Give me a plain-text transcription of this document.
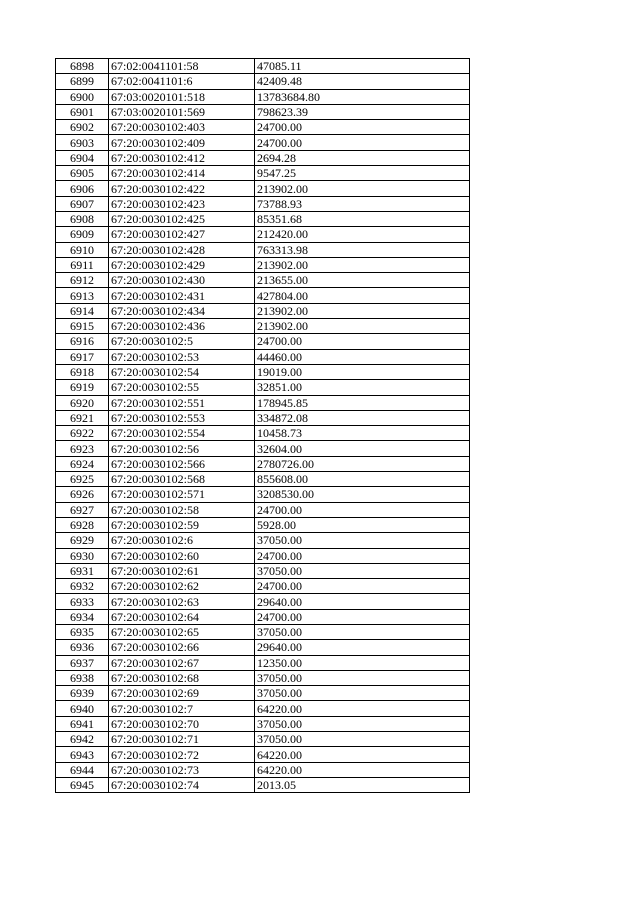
6898	67:02:0041101:58	47085.11
6899	67:02:0041101:6	42409.48
6900	67:03:0020101:518	13783684.80
6901	67:03:0020101:569	798623.39
6902	67:20:0030102:403	24700.00
6903	67:20:0030102:409	24700.00
6904	67:20:0030102:412	2694.28
6905	67:20:0030102:414	9547.25
6906	67:20:0030102:422	213902.00
6907	67:20:0030102:423	73788.93
6908	67:20:0030102:425	85351.68
6909	67:20:0030102:427	212420.00
6910	67:20:0030102:428	763313.98
6911	67:20:0030102:429	213902.00
6912	67:20:0030102:430	213655.00
6913	67:20:0030102:431	427804.00
6914	67:20:0030102:434	213902.00
6915	67:20:0030102:436	213902.00
6916	67:20:0030102:5	24700.00
6917	67:20:0030102:53	44460.00
6918	67:20:0030102:54	19019.00
6919	67:20:0030102:55	32851.00
6920	67:20:0030102:551	178945.85
6921	67:20:0030102:553	334872.08
6922	67:20:0030102:554	10458.73
6923	67:20:0030102:56	32604.00
6924	67:20:0030102:566	2780726.00
6925	67:20:0030102:568	855608.00
6926	67:20:0030102:571	3208530.00
6927	67:20:0030102:58	24700.00
6928	67:20:0030102:59	5928.00
6929	67:20:0030102:6	37050.00
6930	67:20:0030102:60	24700.00
6931	67:20:0030102:61	37050.00
6932	67:20:0030102:62	24700.00
6933	67:20:0030102:63	29640.00
6934	67:20:0030102:64	24700.00
6935	67:20:0030102:65	37050.00
6936	67:20:0030102:66	29640.00
6937	67:20:0030102:67	12350.00
6938	67:20:0030102:68	37050.00
6939	67:20:0030102:69	37050.00
6940	67:20:0030102:7	64220.00
6941	67:20:0030102:70	37050.00
6942	67:20:0030102:71	37050.00
6943	67:20:0030102:72	64220.00
6944	67:20:0030102:73	64220.00
6945	67:20:0030102:74	2013.05
